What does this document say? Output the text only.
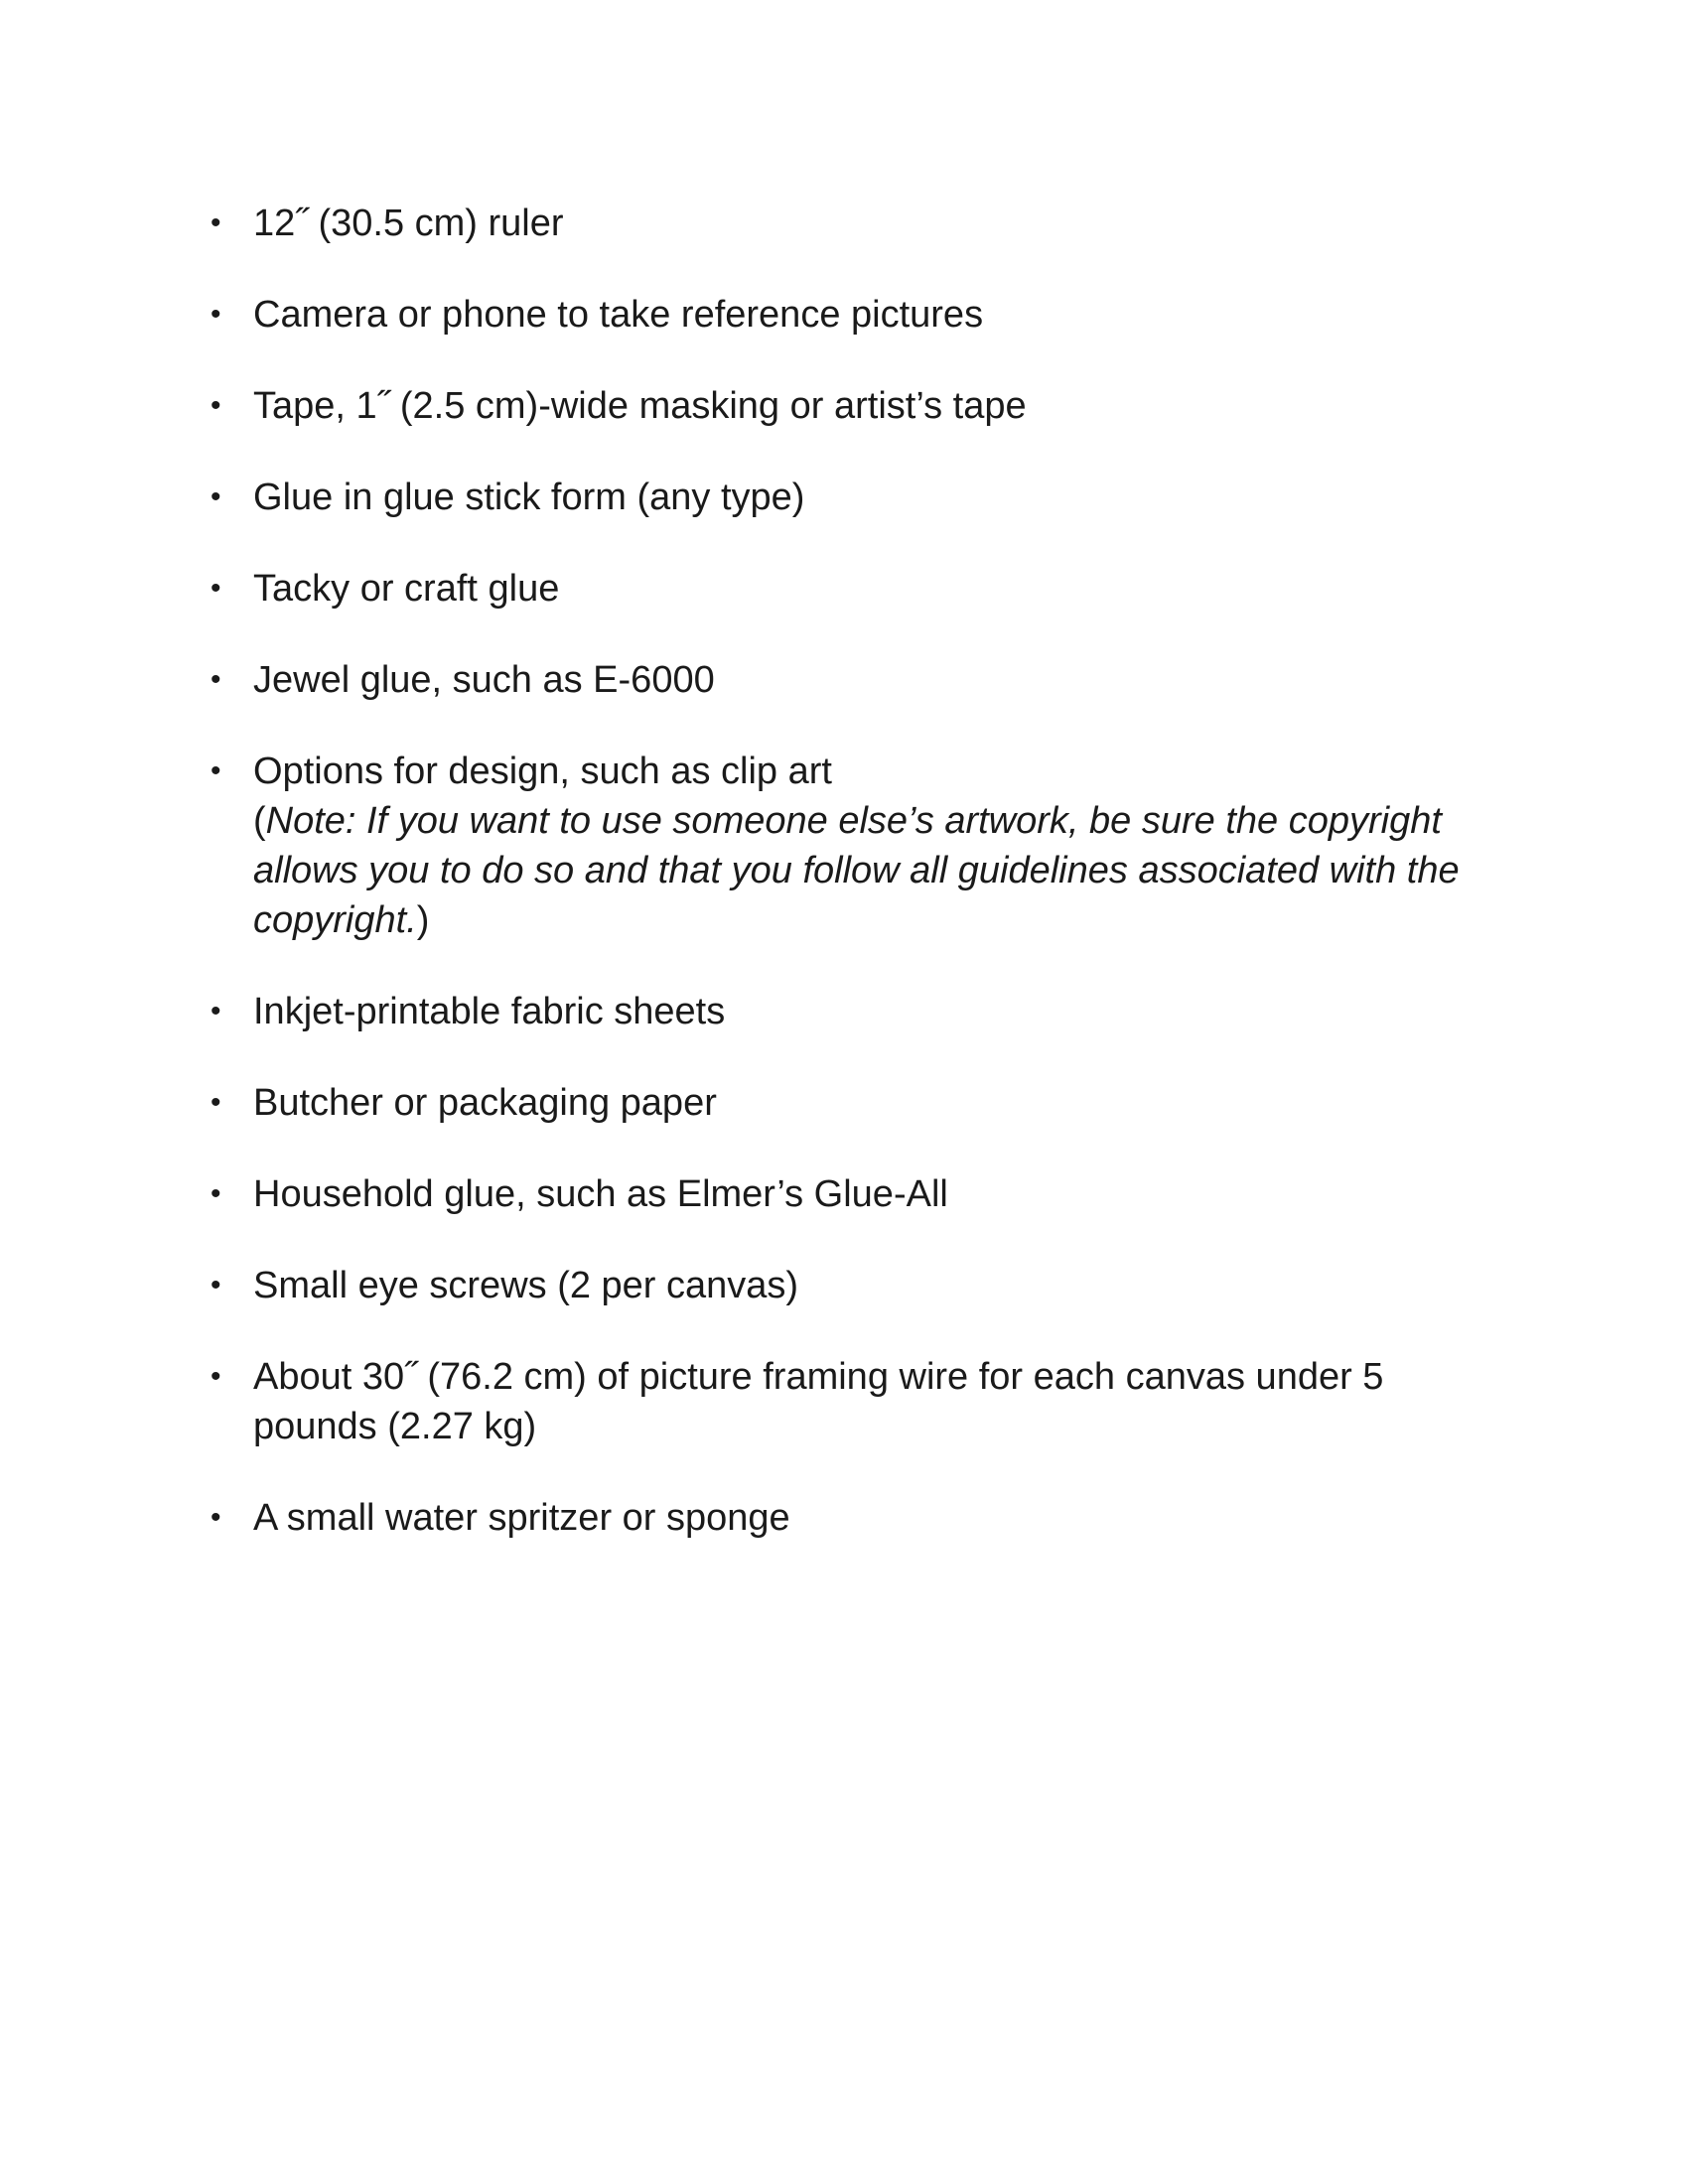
• 12˝ (30.5 cm) ruler
• Camera or phone to take reference pictures
• Tape, 1˝ (2.5 cm)-wide masking or artist’s tape
• Glue in glue stick form (any type)
• Tacky or craft glue
• Jewel glue, such as E-6000
• Options for design, such as clip art
(Note: If you want to use someone else’s artwork, be sure the copyright allows you to do so and that you follow all guidelines associated with the copyright.)
• Inkjet-printable fabric sheets
• Butcher or packaging paper
• Household glue, such as Elmer’s Glue-All
• Small eye screws (2 per canvas)
• About 30˝ (76.2 cm) of picture framing wire for each canvas under 5 pounds (2.27 kg)
• A small water spritzer or sponge
